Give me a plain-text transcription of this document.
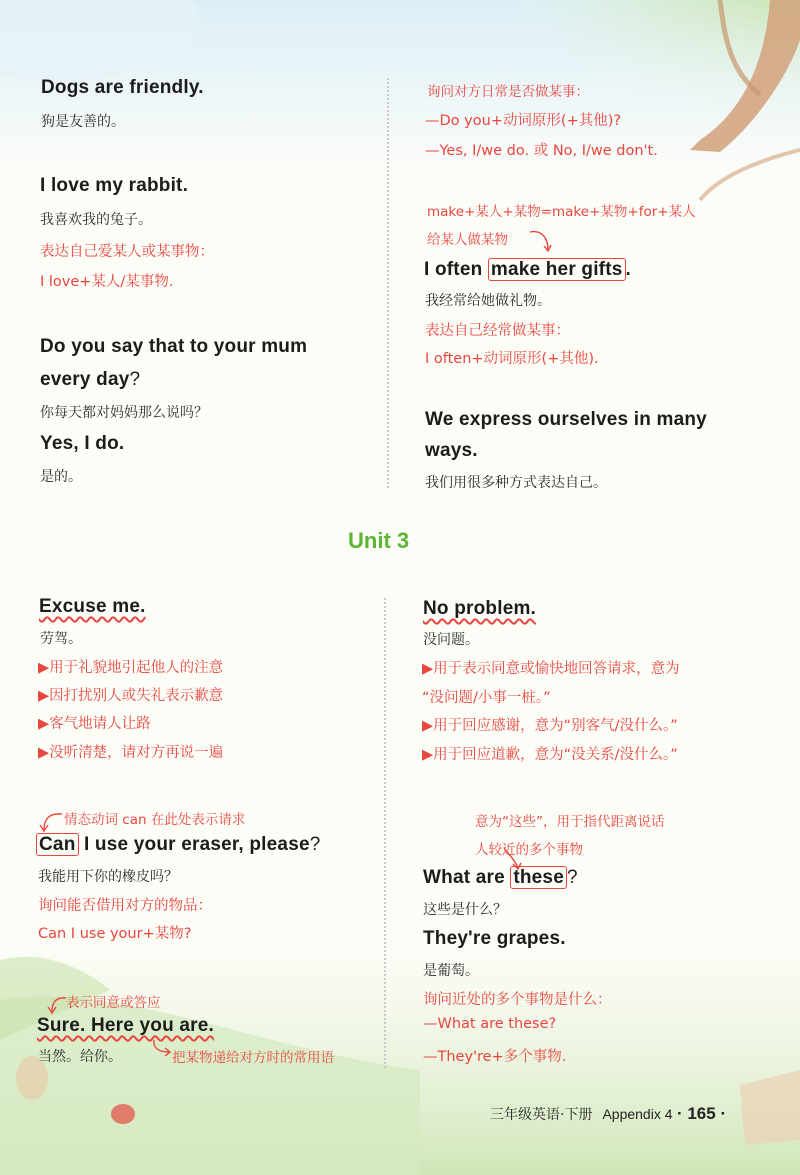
Dogs are friendly.
狗是友善的。
I love my rabbit.
我喜欢我的兔子。
表达自己爱某人或某事物：
I love+某人/某事物.
Do you say that to your mum
every day?
你每天都对妈妈那么说吗？
Yes, I do.
是的。
询问对方日常是否做某事：
—Do you+动词原形(+其他)?
—Yes, I/we do. 或 No, I/we don't.
make+某人+某物=make+某物+for+某人
给某人做某物
I often make her gifts .
我经常给她做礼物。
表达自己经常做某事：
I often+动词原形(+其他).
We express ourselves in many
ways.
我们用很多种方式表达自己。
Unit 3
Excuse me.
劳驾。
▶用于礼貌地引起他人的注意
▶因打扰别人或失礼表示歉意
▶客气地请人让路
▶没听清楚，请对方再说一遍
情态动词 can 在此处表示请求
Can I use your eraser, please?
我能用下你的橡皮吗？
询问能否借用对方的物品：
Can I use your+某物?
表示同意或答应
Sure. Here you are.
当然。给你。	把某物递给对方时的常用语
No problem.
没问题。
▶用于表示同意或愉快地回答请求，意为
“没问题/小事一桩。”
▶用于回应感谢，意为“别客气/没什么。”
▶用于回应道歉，意为“没关系/没什么。”
意为“这些”，用于指代距离说话
人较近的多个事物
What are these ?
这些是什么？
They're grapes.
是葡萄。
询问近处的多个事物是什么：
—What are these?
—They're+多个事物.
三年级英语·下册 Appendix 4 · 165 ·
